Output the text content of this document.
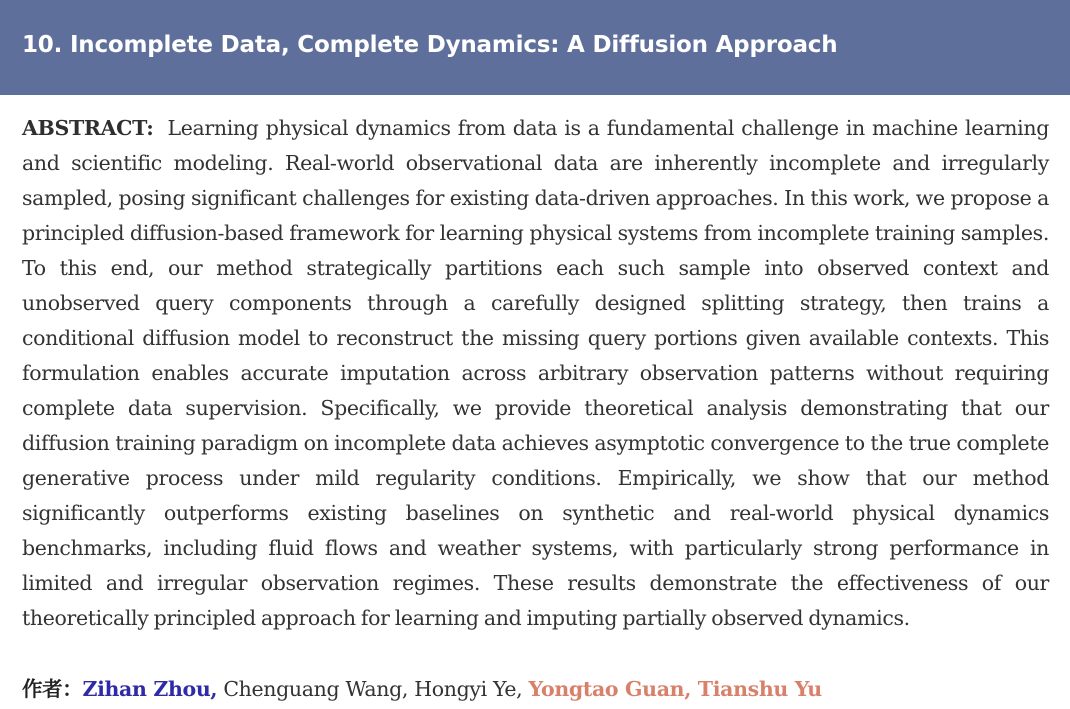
10. Incomplete Data, Complete Dynamics: A Diffusion Approach
ABSTRACT: Learning physical dynamics from data is a fundamental challenge in machine learning and scientific modeling. Real-world observational data are inherently incomplete and irregularly sampled, posing significant challenges for existing data-driven approaches. In this work, we propose a principled diffusion-based framework for learning physical systems from incomplete training samples. To this end, our method strategically partitions each such sample into observed context and unobserved query components through a carefully designed splitting strategy, then trains a conditional diffusion model to reconstruct the missing query portions given available contexts. This formulation enables accurate imputation across arbitrary observation patterns without requiring complete data supervision. Specifically, we provide theoretical analysis demonstrating that our diffusion training paradigm on incomplete data achieves asymptotic convergence to the true complete generative process under mild regularity conditions. Empirically, we show that our method significantly outperforms existing baselines on synthetic and real-world physical dynamics benchmarks, including fluid flows and weather systems, with particularly strong performance in limited and irregular observation regimes. These results demonstrate the effectiveness of our theoretically principled approach for learning and imputing partially observed dynamics.
作者：Zihan Zhou, Chenguang Wang, Hongyi Ye, Yongtao Guan, Tianshu Yu
